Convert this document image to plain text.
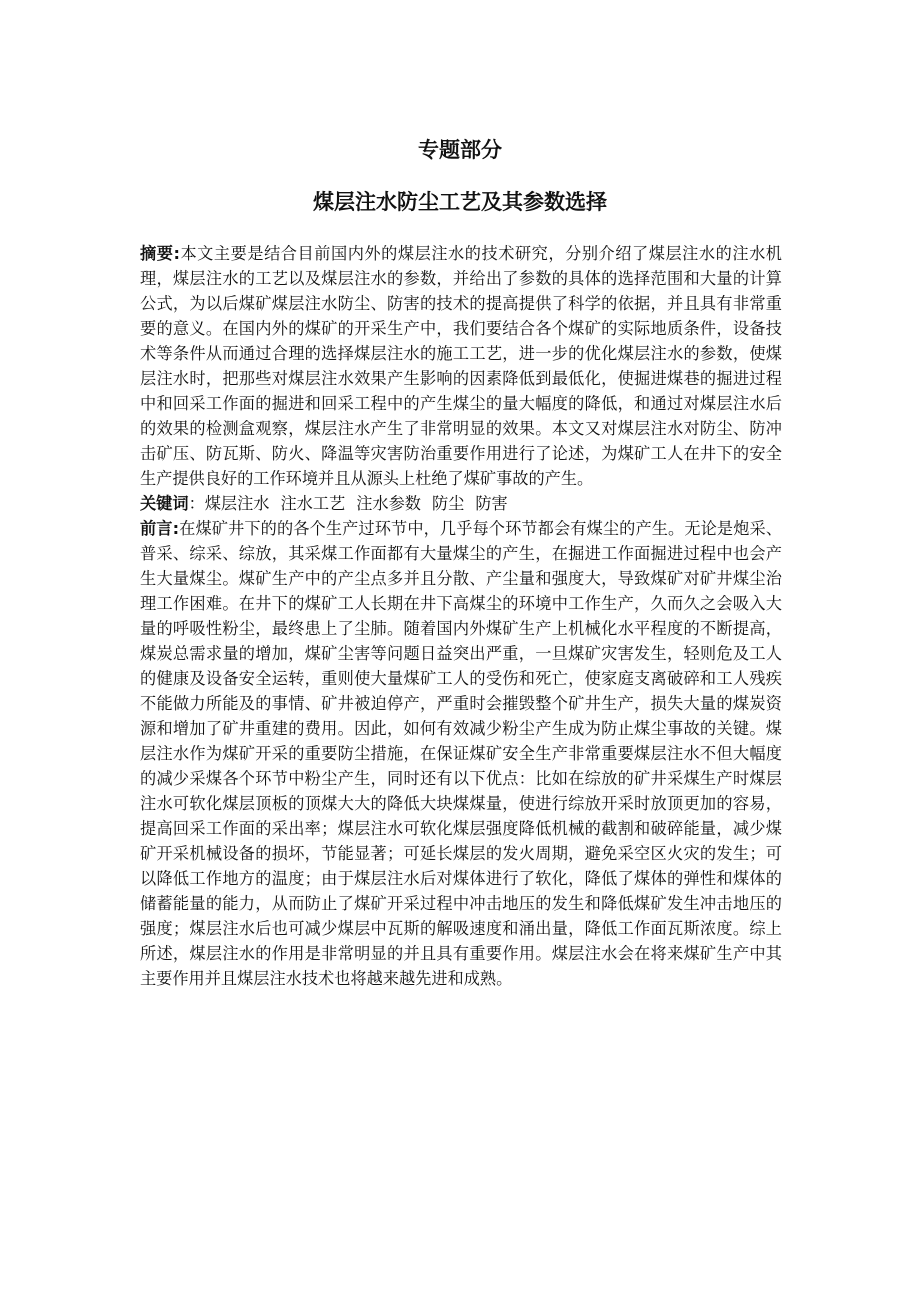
专题部分
煤层注水防尘工艺及其参数选择

摘要:本文主要是结合目前国内外的煤层注水的技术研究，分别介绍了煤层注水的注水机理，煤层注水的工艺以及煤层注水的参数，并给出了参数的具体的选择范围和大量的计算公式，为以后煤矿煤层注水防尘、防害的技术的提高提供了科学的依据，并且具有非常重要的意义。在国内外的煤矿的开采生产中，我们要结合各个煤矿的实际地质条件，设备技术等条件从而通过合理的选择煤层注水的施工工艺，进一步的优化煤层注水的参数，使煤层注水时，把那些对煤层注水效果产生影响的因素降低到最低化，使掘进煤巷的掘进过程中和回采工作面的掘进和回采工程中的产生煤尘的量大幅度的降低，和通过对煤层注水后的效果的检测盒观察，煤层注水产生了非常明显的效果。本文又对煤层注水对防尘、防冲击矿压、防瓦斯、防火、降温等灾害防治重要作用进行了论述，为煤矿工人在井下的安全生产提供良好的工作环境并且从源头上杜绝了煤矿事故的产生。

关键词：煤层注水 注水工艺 注水参数 防尘 防害

前言:在煤矿井下的的各个生产过环节中，几乎每个环节都会有煤尘的产生。无论是炮采、普采、综采、综放，其采煤工作面都有大量煤尘的产生，在掘进工作面掘进过程中也会产生大量煤尘。煤矿生产中的产尘点多并且分散、产尘量和强度大，导致煤矿对矿井煤尘治理工作困难。在井下的煤矿工人长期在井下高煤尘的环境中工作生产，久而久之会吸入大量的呼吸性粉尘，最终患上了尘肺。随着国内外煤矿生产上机械化水平程度的不断提高，煤炭总需求量的增加，煤矿尘害等问题日益突出严重，一旦煤矿灾害发生，轻则危及工人的健康及设备安全运转，重则使大量煤矿工人的受伤和死亡，使家庭支离破碎和工人残疾不能做力所能及的事情、矿井被迫停产，严重时会摧毁整个矿井生产，损失大量的煤炭资源和增加了矿井重建的费用。因此，如何有效减少粉尘产生成为防止煤尘事故的关键。煤层注水作为煤矿开采的重要防尘措施，在保证煤矿安全生产非常重要煤层注水不但大幅度的减少采煤各个环节中粉尘产生，同时还有以下优点：比如在综放的矿井采煤生产时煤层注水可软化煤层顶板的顶煤大大的降低大块煤煤量，使进行综放开采时放顶更加的容易，提高回采工作面的采出率；煤层注水可软化煤层强度降低机械的截割和破碎能量，减少煤矿开采机械设备的损坏，节能显著；可延长煤层的发火周期，避免采空区火灾的发生；可以降低工作地方的温度；由于煤层注水后对煤体进行了软化，降低了煤体的弹性和煤体的储蓄能量的能力，从而防止了煤矿开采过程中冲击地压的发生和降低煤矿发生冲击地压的强度；煤层注水后也可减少煤层中瓦斯的解吸速度和涌出量，降低工作面瓦斯浓度。综上所述，煤层注水的作用是非常明显的并且具有重要作用。煤层注水会在将来煤矿生产中其主要作用并且煤层注水技术也将越来越先进和成熟。
